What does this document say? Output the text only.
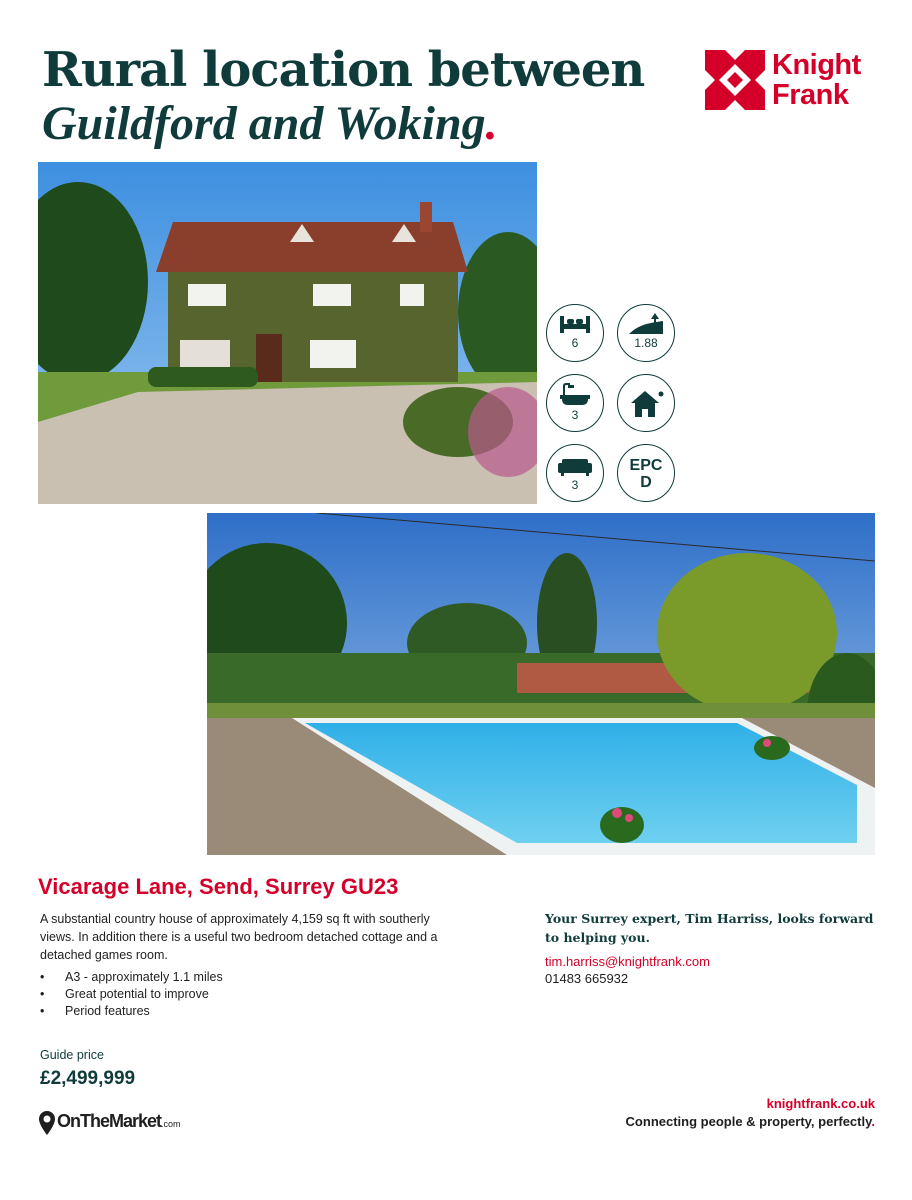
Rural location between
Guildford and Woking.
Knight
Frank
6	1.88
3
3
EPC
D
Vicarage Lane, Send, Surrey GU23

A substantial country house of approximately 4,159 sq ft with southerly views. In addition there is a useful two bedroom detached cottage and a detached games room.

• A3 - approximately 1.1 miles
• Great potential to improve
• Period features
Guide price
£2,499,999
OnTheMarket.com

Your Surrey expert, Tim Harriss, looks forward to helping you.

tim.harriss@knightfrank.com
01483 665932
knightfrank.co.uk
Connecting people & property, perfectly.
